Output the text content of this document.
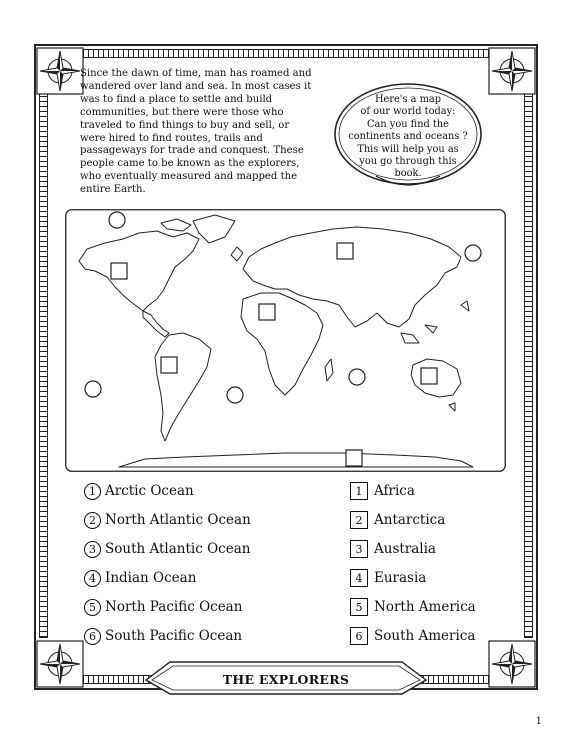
Since the dawn of time, man has roamed and wandered over land and sea. In most cases it was to find a place to settle and build communities, but there were those who traveled to find things to buy and sell, or were hired to find routes, trails and passageways for trade and conquest. These people came to be known as the explorers, who eventually measured and mapped the entire Earth.
Here's a map
of our world today:
Can you find the
continents and oceans ?
This will help you as
you go through this
book.
1 Arctic Ocean
2 North Atlantic Ocean
3 South Atlantic Ocean
4 Indian Ocean
5 North Pacific Ocean
6 South Pacific Ocean
1 Africa
2 Antarctica
3 Australia
4 Eurasia
5 North America
6 South America
THE EXPLORERS
1
